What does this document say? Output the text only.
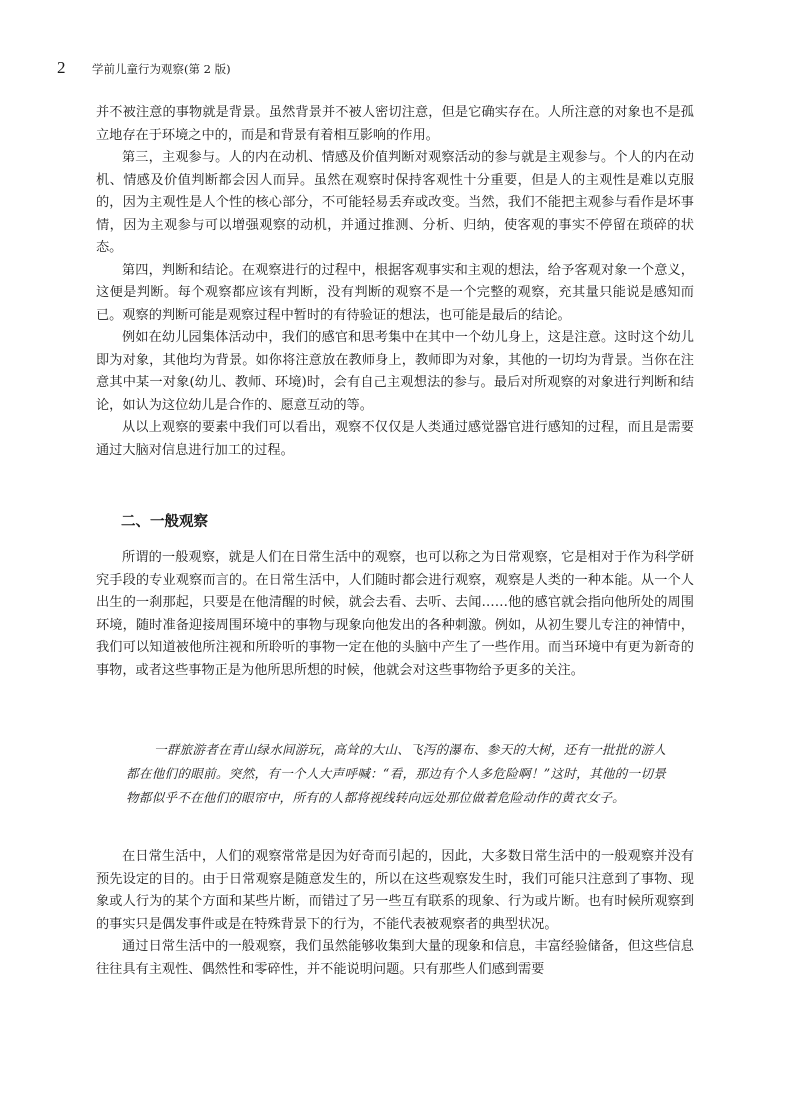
2 学前儿童行为观察(第 2 版)

并不被注意的事物就是背景。虽然背景并不被人密切注意，但是它确实存在。人所注意的对象也不是孤立地存在于环境之中的，而是和背景有着相互影响的作用。

第三，主观参与。人的内在动机、情感及价值判断对观察活动的参与就是主观参与。个人的内在动机、情感及价值判断都会因人而异。虽然在观察时保持客观性十分重要，但是人的主观性是难以克服的，因为主观性是人个性的核心部分，不可能轻易丢弃或改变。当然，我们不能把主观参与看作是坏事情，因为主观参与可以增强观察的动机，并通过推测、分析、归纳，使客观的事实不停留在琐碎的状态。

第四，判断和结论。在观察进行的过程中，根据客观事实和主观的想法，给予客观对象一个意义，这便是判断。每个观察都应该有判断，没有判断的观察不是一个完整的观察，充其量只能说是感知而已。观察的判断可能是观察过程中暂时的有待验证的想法，也可能是最后的结论。

例如在幼儿园集体活动中，我们的感官和思考集中在其中一个幼儿身上，这是注意。这时这个幼儿即为对象，其他均为背景。如你将注意放在教师身上，教师即为对象，其他的一切均为背景。当你在注意其中某一对象(幼儿、教师、环境)时，会有自己主观想法的参与。最后对所观察的对象进行判断和结论，如认为这位幼儿是合作的、愿意互动的等。

从以上观察的要素中我们可以看出，观察不仅仅是人类通过感觉器官进行感知的过程，而且是需要通过大脑对信息进行加工的过程。

二、一般观察

所谓的一般观察，就是人们在日常生活中的观察，也可以称之为日常观察，它是相对于作为科学研究手段的专业观察而言的。在日常生活中，人们随时都会进行观察，观察是人类的一种本能。从一个人出生的一刹那起，只要是在他清醒的时候，就会去看、去听、去闻……他的感官就会指向他所处的周围环境，随时准备迎接周围环境中的事物与现象向他发出的各种刺激。例如，从初生婴儿专注的神情中，我们可以知道被他所注视和所聆听的事物一定在他的头脑中产生了一些作用。而当环境中有更为新奇的事物，或者这些事物正是为他所思所想的时候，他就会对这些事物给予更多的关注。

一群旅游者在青山绿水间游玩，高耸的大山、飞泻的瀑布、参天的大树，还有一批批的游人都在他们的眼前。突然，有一个人大声呼喊：“看，那边有个人多危险啊！”这时，其他的一切景物都似乎不在他们的眼帘中，所有的人都将视线转向远处那位做着危险动作的黄衣女子。

在日常生活中，人们的观察常常是因为好奇而引起的，因此，大多数日常生活中的一般观察并没有预先设定的目的。由于日常观察是随意发生的，所以在这些观察发生时，我们可能只注意到了事物、现象或人行为的某个方面和某些片断，而错过了另一些互有联系的现象、行为或片断。也有时候所观察到的事实只是偶发事件或是在特殊背景下的行为，不能代表被观察者的典型状况。

通过日常生活中的一般观察，我们虽然能够收集到大量的现象和信息，丰富经验储备，但这些信息往往具有主观性、偶然性和零碎性，并不能说明问题。只有那些人们感到需要
